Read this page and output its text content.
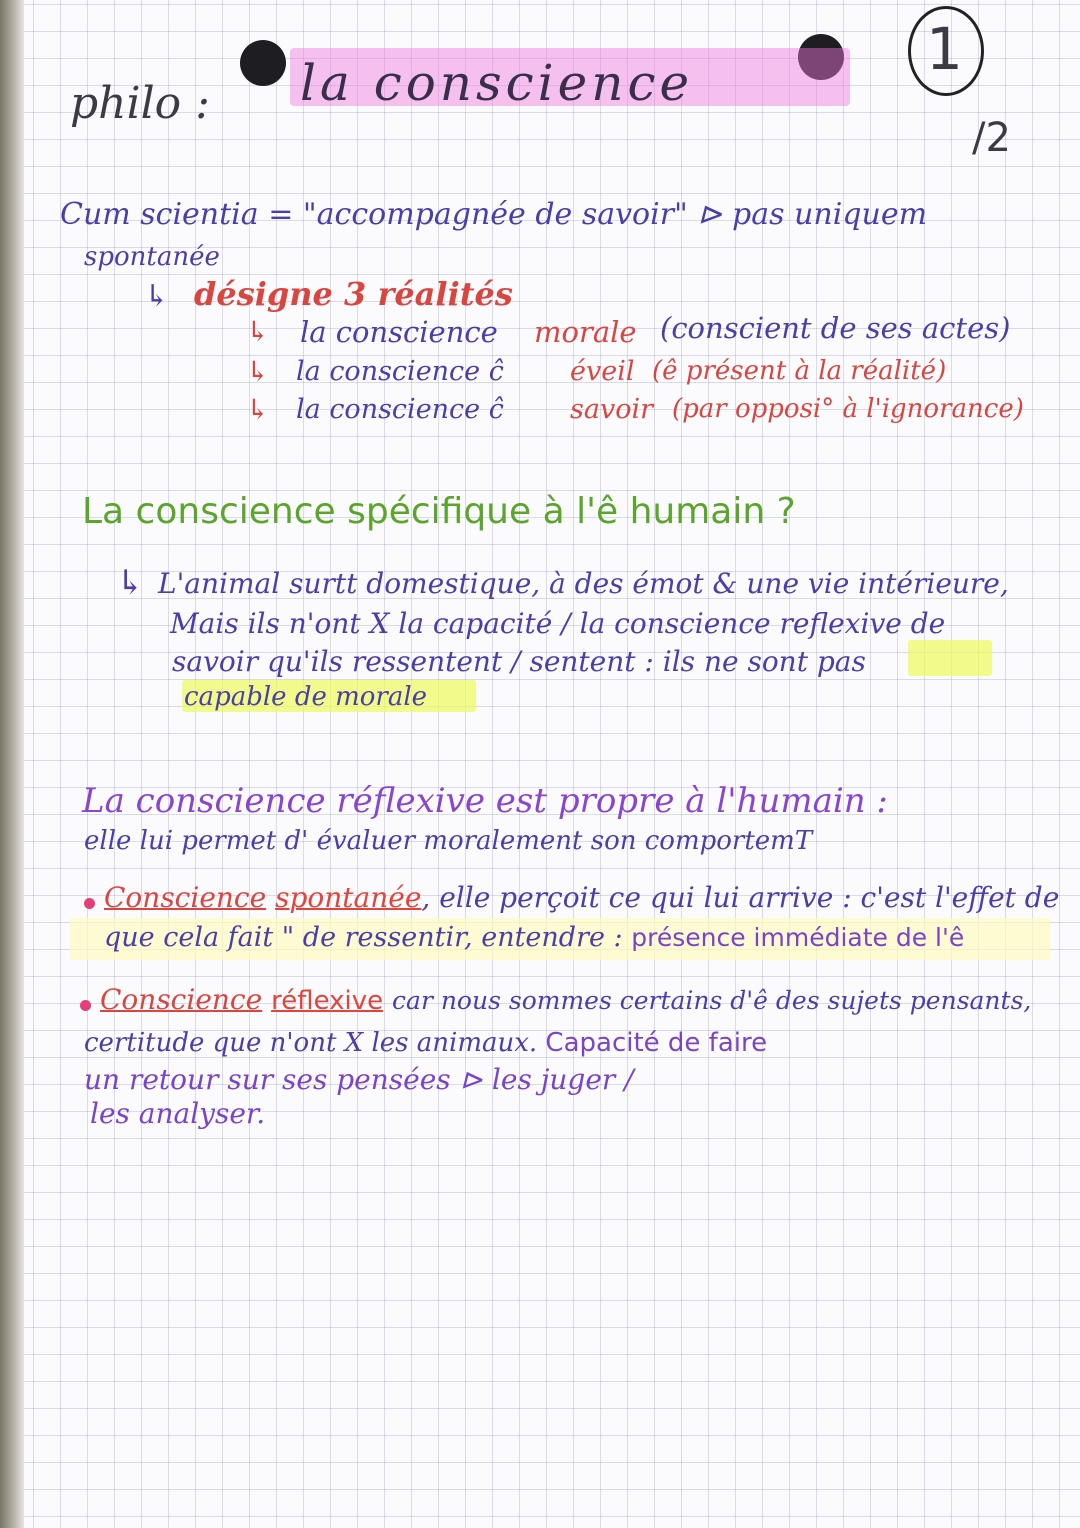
philo : la conscience	1
/2
Cum scientia = "accompagnée de savoir" ⊳ pas uniquem
spontanée
↳ désigne 3 réalités
↳ la conscience morale (conscient de ses actes)
↳ la conscience ĉ éveil (ê présent à la réalité)
↳ la conscience ĉ savoir (par opposi° à l'ignorance)
La conscience spécifique à l'ê humain ?
↳ L'animal surtt domestique, à des émot & une vie intérieure,
Mais ils n'ont X la capacité / la conscience reflexive de
savoir qu'ils ressentent / sentent : ils ne sont pas
capable de morale
La conscience réflexive est propre à l'humain :
elle lui permet d' évaluer moralement son comportemT
Conscience spontanée, elle perçoit ce qui lui arrive : c'est l'effet de
que cela fait " de ressentir, entendre : présence immédiate de l'ê
Conscience réflexive car nous sommes certains d'ê des sujets pensants,
certitude que n'ont X les animaux. Capacité de faire
un retour sur ses pensées ⊳ les juger /
les analyser.
